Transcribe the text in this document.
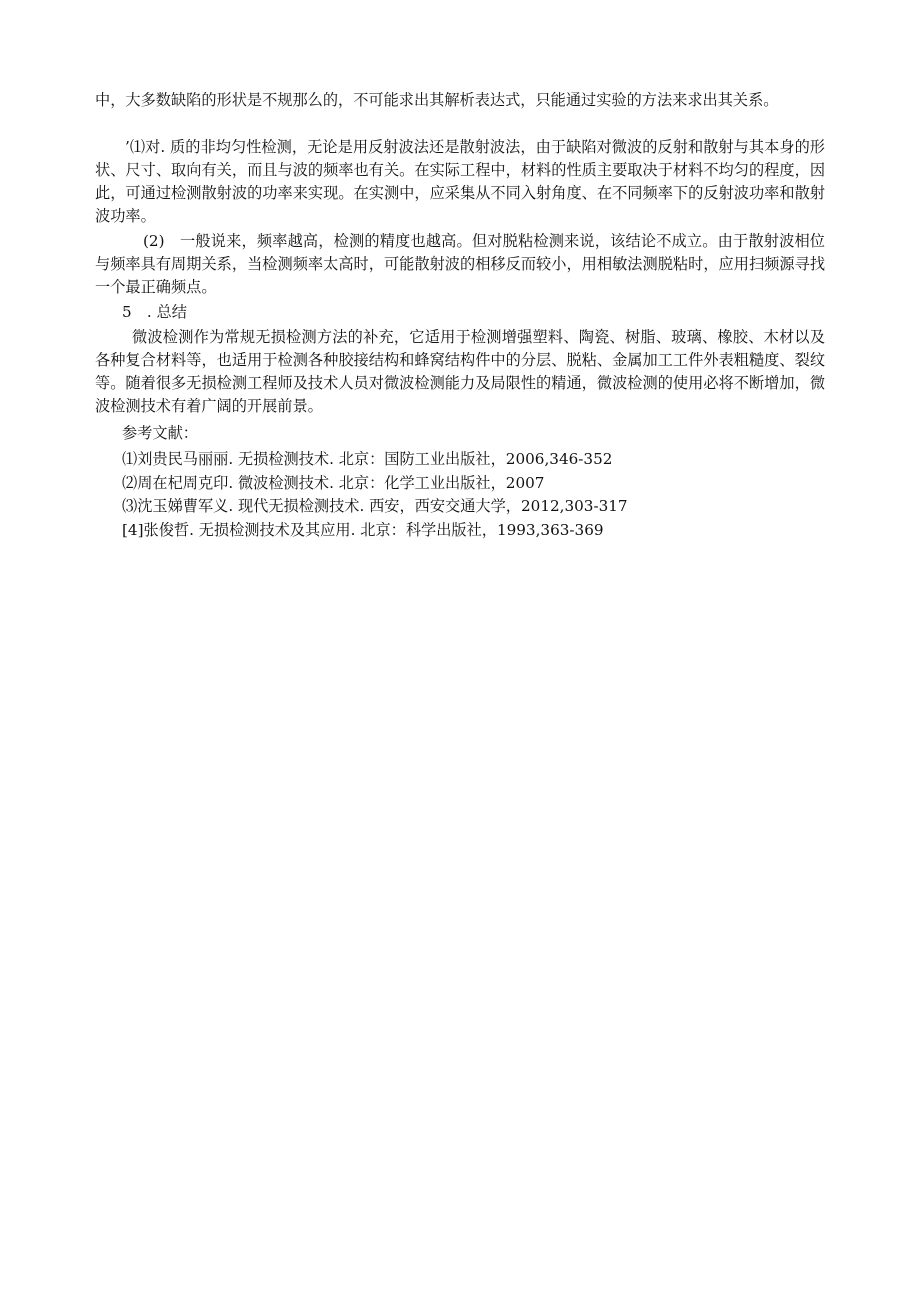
中，大多数缺陷的形状是不规那么的，不可能求出其解析表达式，只能通过实验的方法来求出其关系。

’⑴对. 质的非均匀性检测，无论是用反射波法还是散射波法，由于缺陷对微波的反射和散射与其本身的形状、尺寸、取向有关，而且与波的频率也有关。在实际工程中，材料的性质主要取决于材料不均匀的程度，因此，可通过检测散射波的功率来实现。在实测中，应采集从不同入射角度、在不同频率下的反射波功率和散射波功率。

(2)　一般说来，频率越高，检测的精度也越高。但对脱粘检测来说，该结论不成立。由于散射波相位与频率具有周期关系，当检测频率太高时，可能散射波的相移反而较小，用相敏法测脱粘时，应用扫频源寻找一个最正确频点。

5　. 总结

微波检测作为常规无损检测方法的补充，它适用于检测增强塑料、陶瓷、树脂、玻璃、橡胶、木材以及各种复合材料等，也适用于检测各种胶接结构和蜂窝结构件中的分层、脱粘、金属加工工件外表粗糙度、裂纹等。随着很多无损检测工程师及技术人员对微波检测能力及局限性的精通，微波检测的使用必将不断增加，微波检测技术有着广阔的开展前景。

参考文献：

⑴刘贵民马丽丽. 无损检测技术. 北京：国防工业出版社，2006,346-352
⑵周在杞周克印. 微波检测技术. 北京：化学工业出版社，2007
⑶沈玉娣曹军义. 现代无损检测技术. 西安，西安交通大学，2012,303-317
[4]张俊哲. 无损检测技术及其应用. 北京：科学出版社，1993,363-369
